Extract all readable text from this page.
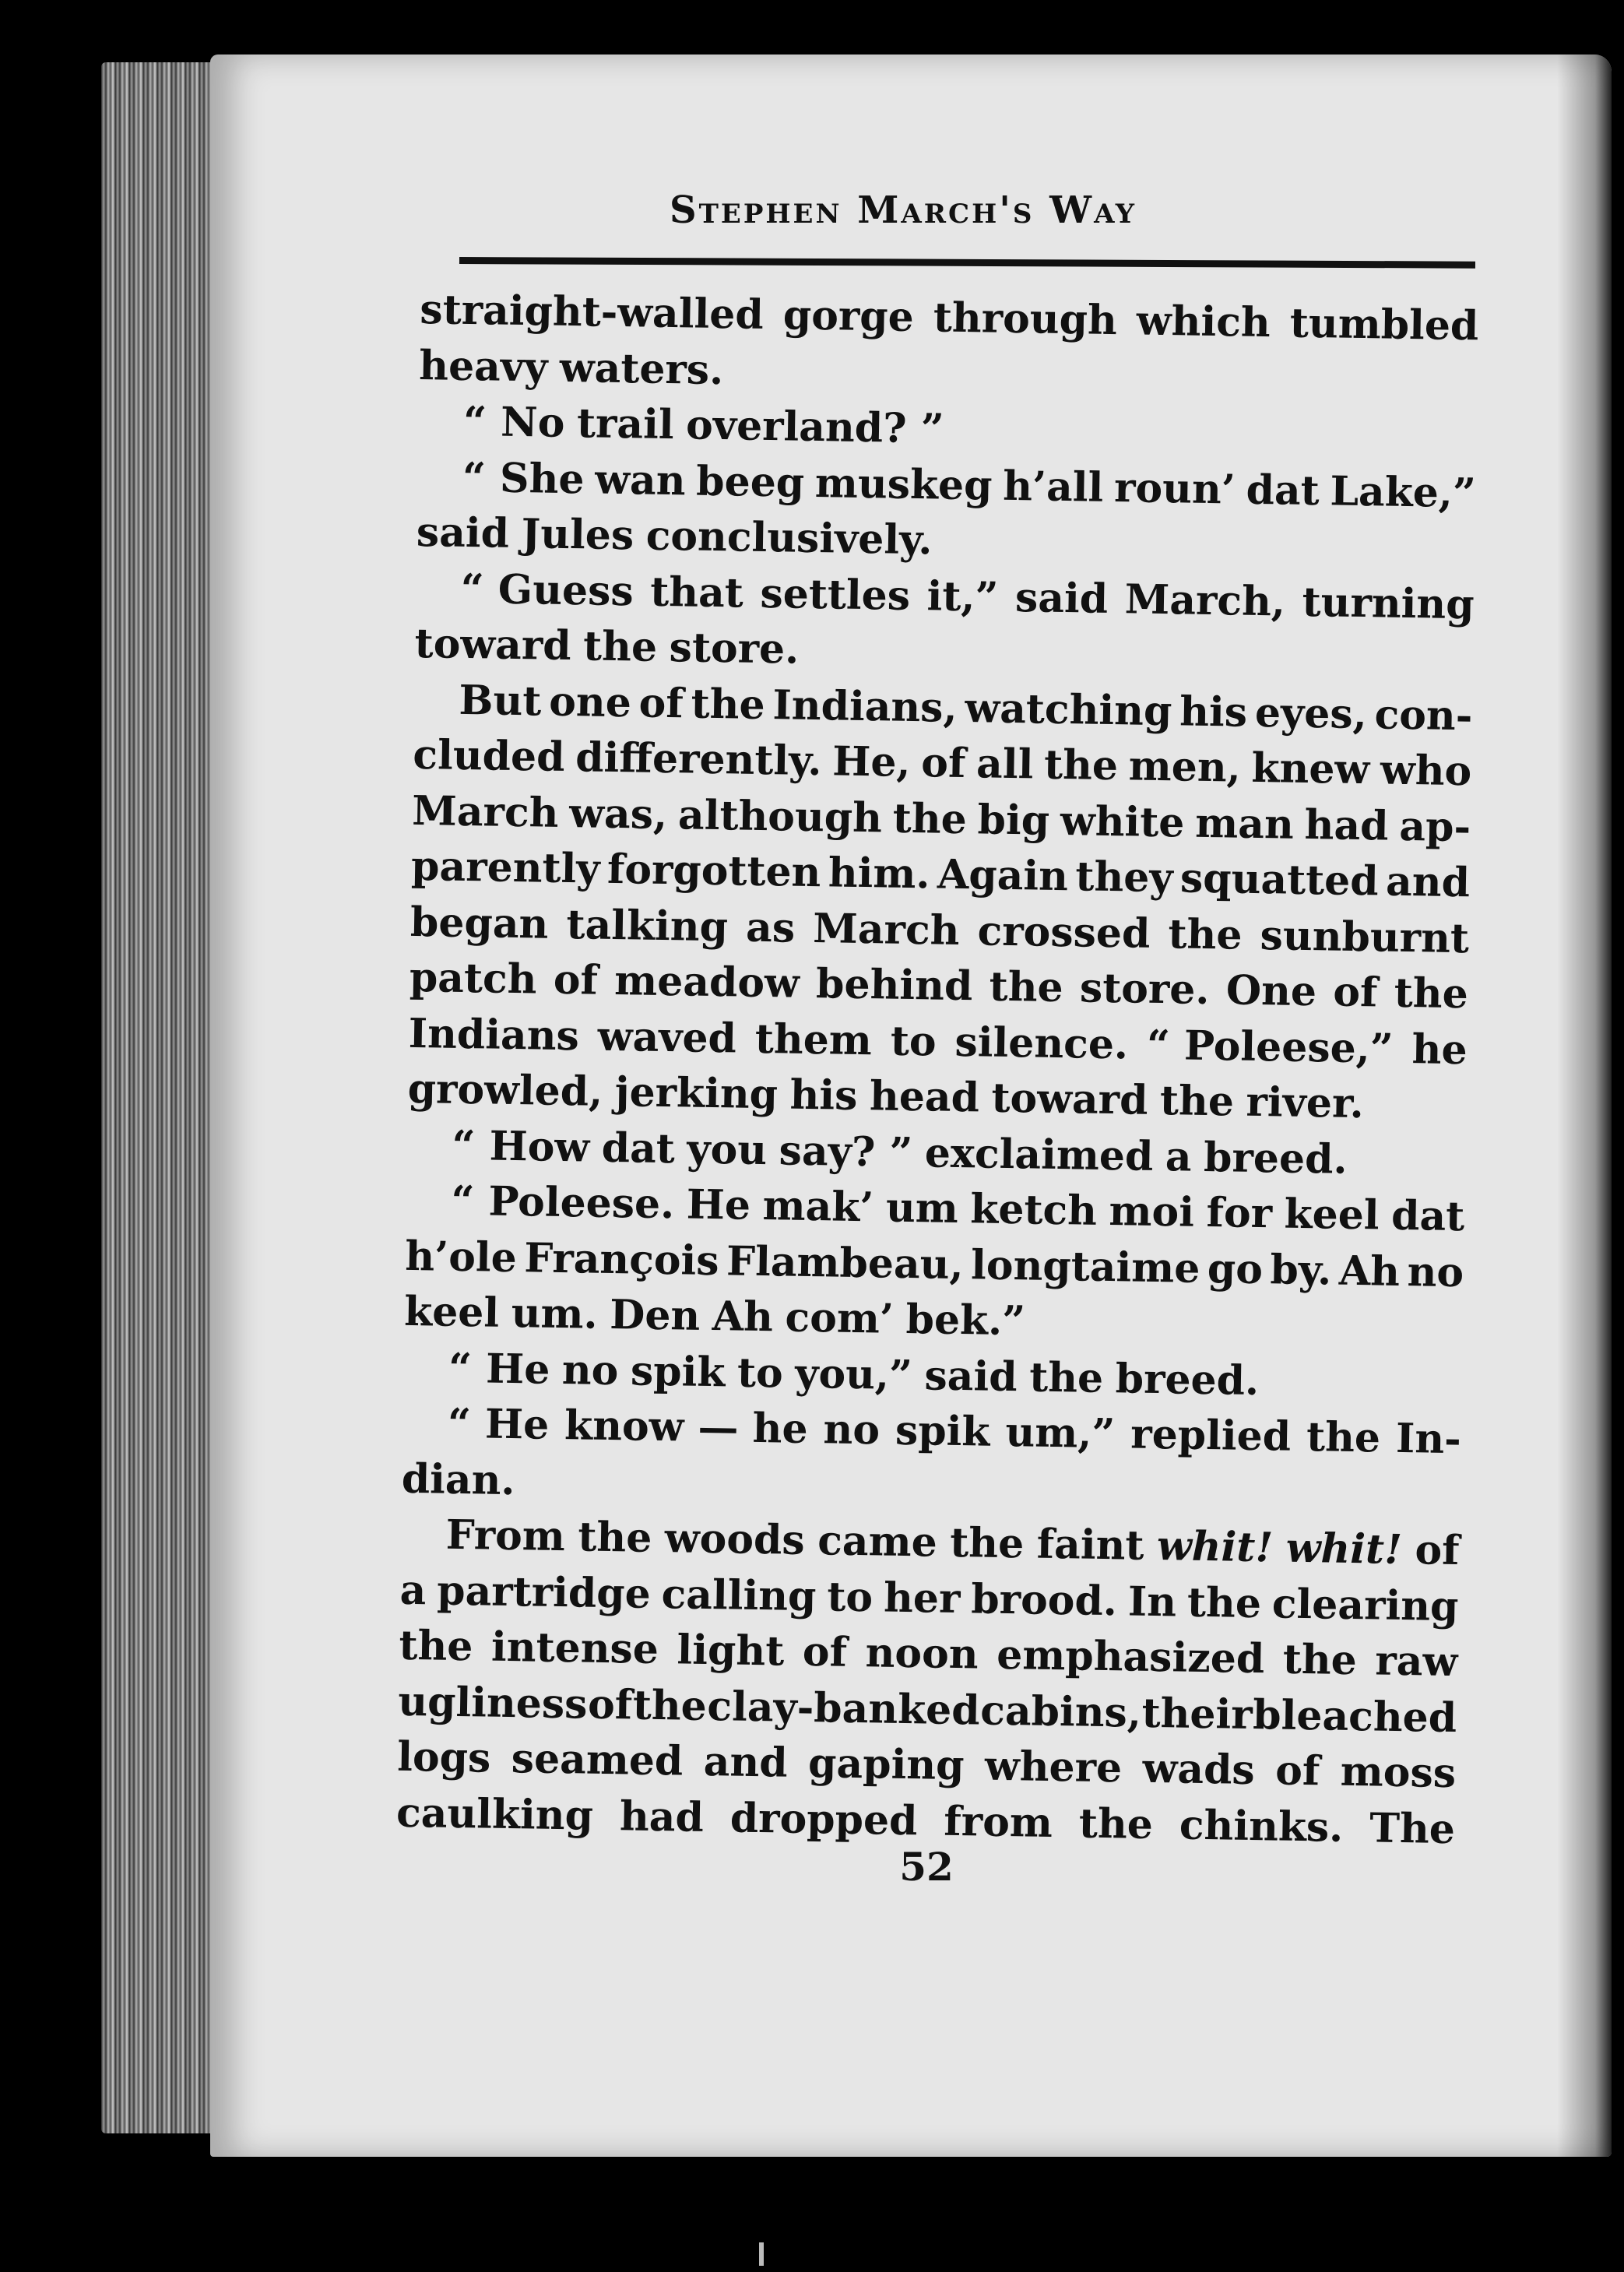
Stephen March's Way
straight-walled gorge through which tumbled
heavy waters.
“ No trail overland? ”
“ She wan beeg muskeg h’all roun’ dat Lake,”
said Jules conclusively.
“ Guess that settles it,” said March, turning
toward the store.
But one of the Indians, watching his eyes, con-
cluded differently. He, of all the men, knew who
March was, although the big white man had ap-
parently forgotten him. Again they squatted and
began talking as March crossed the sunburnt
patch of meadow behind the store. One of the
Indians waved them to silence. “ Poleese,” he
growled, jerking his head toward the river.
“ How dat you say? ” exclaimed a breed.
“ Poleese. He mak’ um ketch moi for keel dat
h’ole François Flambeau, longtaime go by. Ah no
keel um. Den Ah com’ bek.”
“ He no spik to you,” said the breed.
“ He know — he no spik um,” replied the In-
dian.
From the woods came the faint whit! whit! of
a partridge calling to her brood. In the clearing
the intense light of noon emphasized the raw
ugliness of the clay-banked cabins, their bleached
logs seamed and gaping where wads of moss
caulking had dropped from the chinks. The
52
